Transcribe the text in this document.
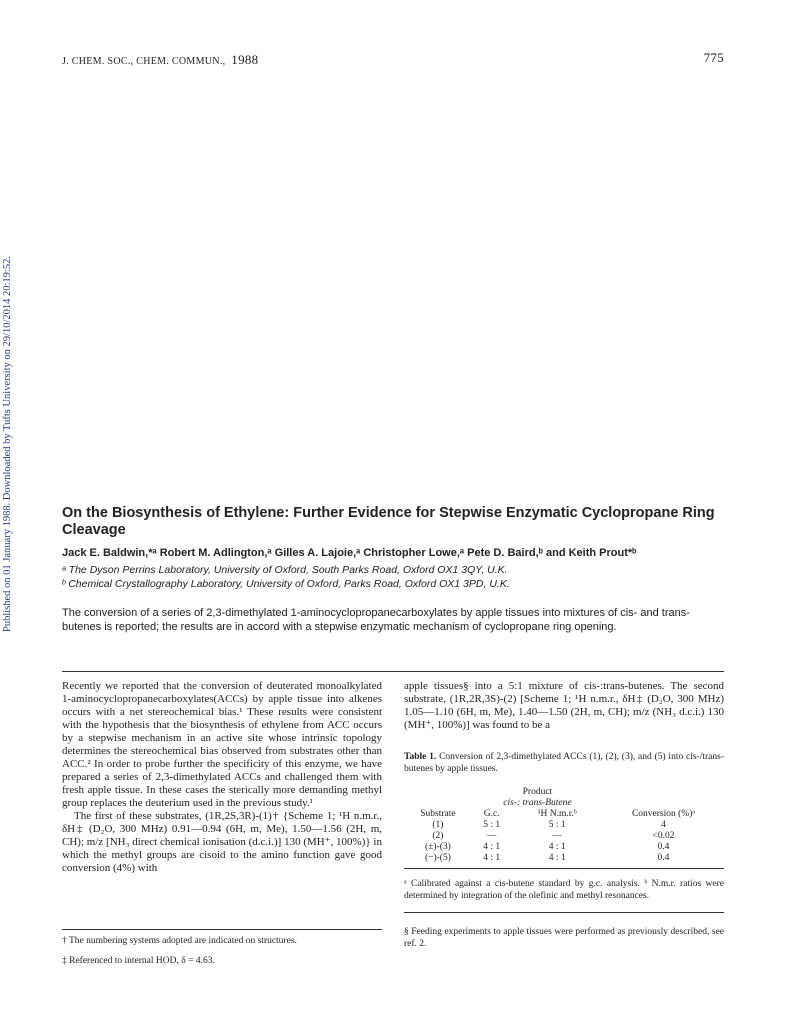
Published on 01 January 1988. Downloaded by Tufts University on 29/10/2014 20:19:52.
J. CHEM. SOC., CHEM. COMMUN., 1988	775
On the Biosynthesis of Ethylene: Further Evidence for Stepwise Enzymatic Cyclopropane Ring Cleavage
Jack E. Baldwin,*ᵃ Robert M. Adlington,ᵃ Gilles A. Lajoie,ᵃ Christopher Lowe,ᵃ Pete D. Baird,ᵇ and Keith Prout*ᵇ
ᵃ The Dyson Perrins Laboratory, University of Oxford, South Parks Road, Oxford OX1 3QY, U.K.
ᵇ Chemical Crystallography Laboratory, University of Oxford, Parks Road, Oxford OX1 3PD, U.K.
The conversion of a series of 2,3-dimethylated 1-aminocyclopropanecarboxylates by apple tissues into mixtures of cis- and trans-butenes is reported; the results are in accord with a stepwise enzymatic mechanism of cyclopropane ring opening.

Recently we reported that the conversion of deuterated monoalkylated 1-aminocyclopropanecarboxylates(ACCs) by apple tissue into alkenes occurs with a net stereochemical bias.¹ These results were consistent with the hypothesis that the biosynthesis of ethylene from ACC occurs by a stepwise mechanism in an active site whose intrinsic topology determines the stereochemical bias observed from substrates other than ACC.² In order to probe further the specificity of this enzyme, we have prepared a series of 2,3-dimethylated ACCs and challenged them with fresh apple tissue. In these cases the sterically more demanding methyl group replaces the deuterium used in the previous study.¹

The first of these substrates, (1R,2S,3R)-(1)† {Scheme 1; ¹H n.m.r., δH‡ (D₂O, 300 MHz) 0.91—0.94 (6H, m, Me), 1.50—1.56 (2H, m, CH); m/z [NH₃ direct chemical ionisation (d.c.i.)] 130 (MH⁺, 100%)} in which the methyl groups are cisoid to the amino function gave good conversion (4%) with

† The numbering systems adopted are indicated on structures.

‡ Referenced to internal HOD, δ = 4.63.

apple tissues§ into a 5:1 mixture of cis-:trans-butenes. The second substrate, (1R,2R,3S)-(2) [Scheme 1; ¹H n.m.r., δH‡ (D₂O, 300 MHz) 1.05—1.10 (6H, m, Me), 1.40—1.50 (2H, m, CH); m/z (NH₃ d.c.i.) 130 (MH⁺, 100%)] was found to be a

Table 1. Conversion of 2,3-dimethylated ACCs (1), (2), (3), and (5) into cis-/trans-butenes by apple tissues.
	Product		
	cis-: trans-Butene		
Substrate	G.c.	¹H N.m.r.ᵇ	Conversion (%)ᵃ
(1)	5 : 1	5 : 1	4
(2)	—	—	<0.02
(±)-(3)	4 : 1	4 : 1	0.4
(−)-(5)	4 : 1	4 : 1	0.4
ᵃ Calibrated against a cis-butene standard by g.c. analysis. ᵇ N.m.r. ratios were determined by integration of the olefinic and methyl resonances.
§ Feeding experiments to apple tissues were performed as previously described, see ref. 2.
